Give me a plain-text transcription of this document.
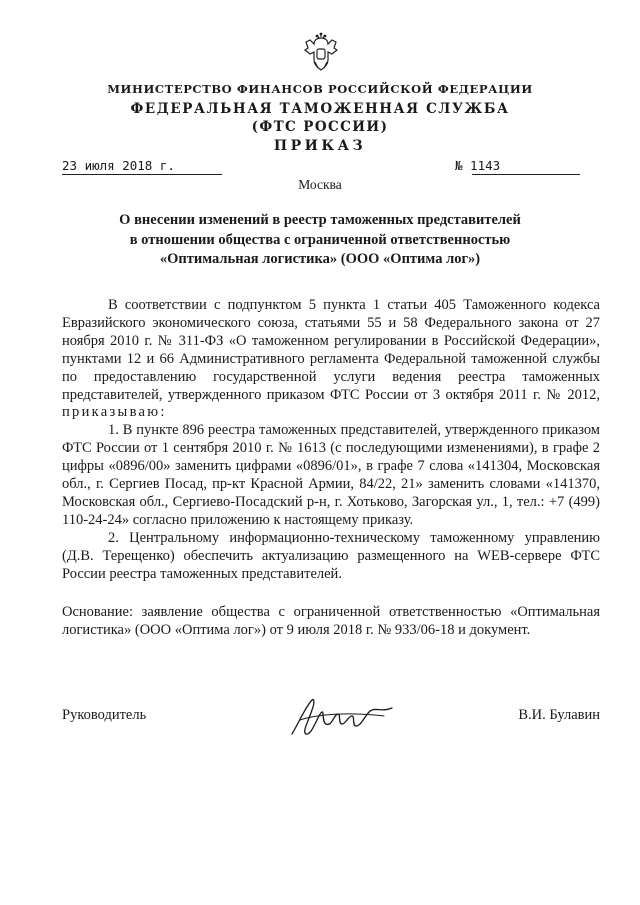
МИНИСТЕРСТВО ФИНАНСОВ РОССИЙСКОЙ ФЕДЕРАЦИИ
ФЕДЕРАЛЬНАЯ ТАМОЖЕННАЯ СЛУЖБА
(ФТС РОССИИ)
ПРИКАЗ
23 июля 2018 г.	№ 1143
Москва
О внесении изменений в реестр таможенных представителей
в отношении общества с ограниченной ответственностью
«Оптимальная логистика» (ООО «Оптима лог»)

В соответствии с подпунктом 5 пункта 1 статьи 405 Таможенного кодекса Евразийского экономического союза, статьями 55 и 58 Федерального закона от 27 ноября 2010 г. № 311-ФЗ «О таможенном регулировании в Российской Федерации», пунктами 12 и 66 Административного регламента Федеральной таможенной службы по предоставлению государственной услуги ведения реестра таможенных представителей, утвержденного приказом ФТС России от 3 октября 2011 г. № 2012, приказываю:

1. В пункте 896 реестра таможенных представителей, утвержденного приказом ФТС России от 1 сентября 2010 г. № 1613 (с последующими изменениями), в графе 2 цифры «0896/00» заменить цифрами «0896/01», в графе 7 слова «141304, Московская обл., г. Сергиев Посад, пр-кт Красной Армии, 84/22, 21» заменить словами «141370, Московская обл., Сергиево-Посадский р-н, г. Хотьково, Загорская ул., 1, тел.: +7 (499) 110-24-24» согласно приложению к настоящему приказу.

2. Центральному информационно-техническому таможенному управлению (Д.В. Терещенко) обеспечить актуализацию размещенного на WEB-сервере ФТС России реестра таможенных представителей.

Основание: заявление общества с ограниченной ответственностью «Оптимальная логистика» (ООО «Оптима лог») от 9 июля 2018 г. № 933/06-18 и документ.

Руководитель	В.И. Булавин
